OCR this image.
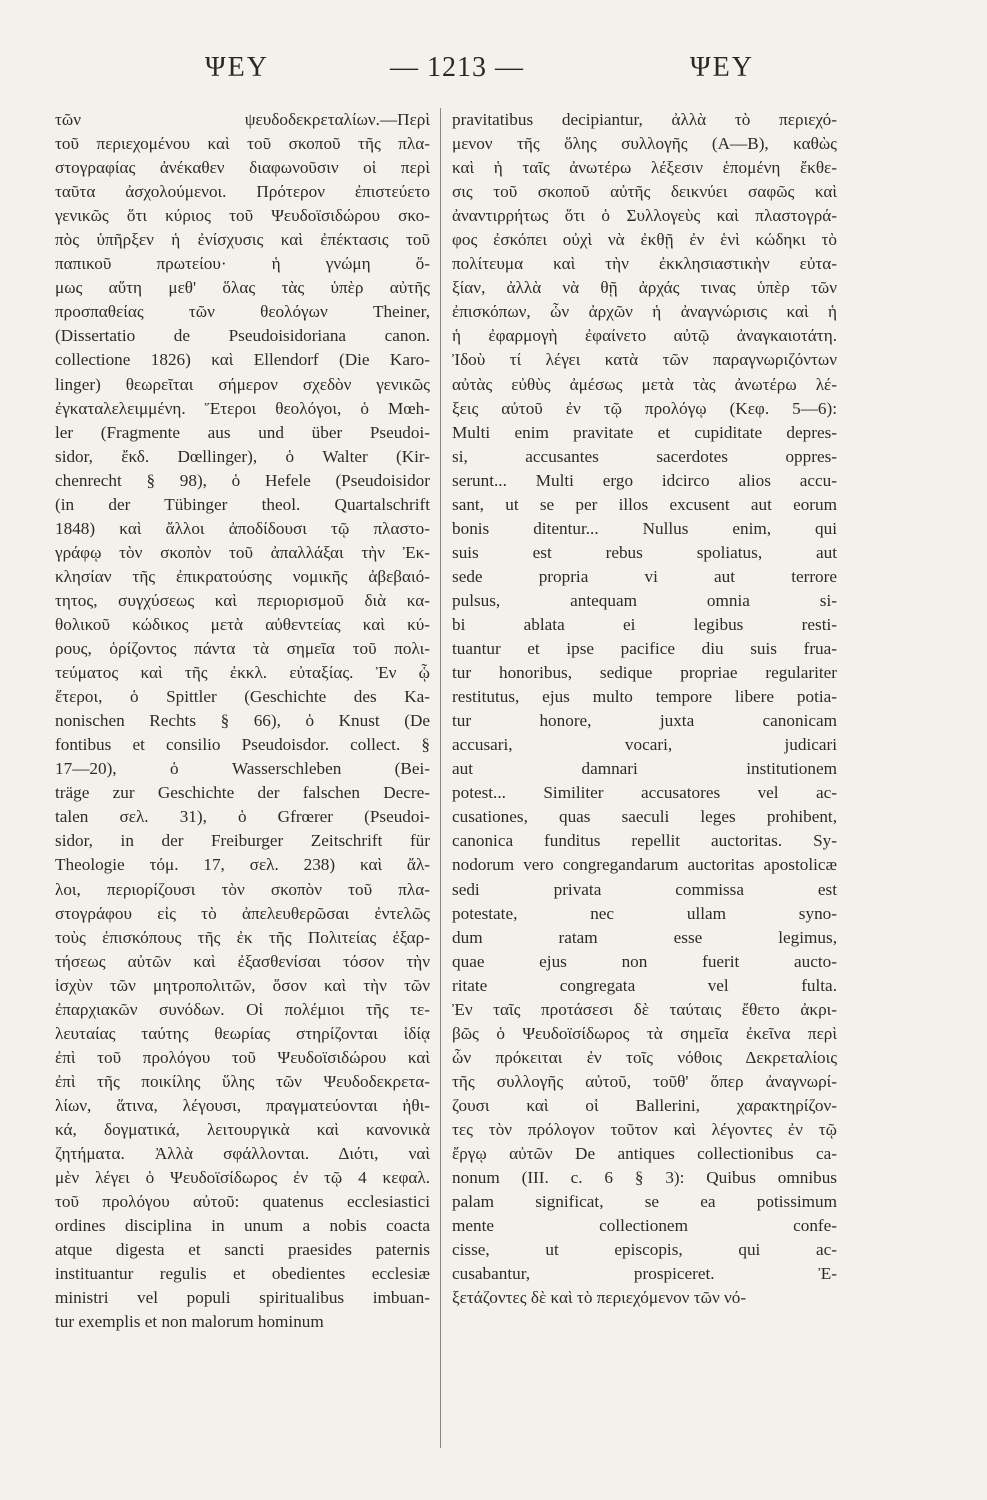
ΨΕΥ	— 1213 —	ΨΕΥ
τῶν ψευδοδεκρεταλίων.—Περὶ
τοῦ περιεχομένου καὶ τοῦ σκοποῦ τῆς πλα-
στογραφίας ἀνέκαθεν διαφωνοῦσιν οἱ περὶ
ταῦτα ἀσχολούμενοι. Πρότερον ἐπιστεύετο
γενικῶς ὅτι κύριος τοῦ Ψευδοϊσιδώρου σκο-
πὸς ὑπῆρξεν ἡ ἐνίσχυσις καὶ ἐπέκτασις τοῦ
παπικοῦ πρωτείου· ἡ γνώμη ὅ-
μως αὕτη μεθ' ὅλας τὰς ὑπὲρ αὐτῆς
προσπαθείας τῶν θεολόγων Theiner,
(Dissertatio de Pseudoisidoriana canon.
collectione 1826) καὶ Ellendorf (Die Karo-
linger) θεωρεῖται σήμερον σχεδὸν γενικῶς
ἐγκαταλελειμμένη. Ἕτεροι θεολόγοι, ὁ Mœh-
ler (Fragmente aus und über Pseudoi-
sidor, ἔκδ. Dœllinger), ὁ Walter (Kir-
chenrecht § 98), ὁ Hefele (Pseudoisidor
(in der Tübinger theol. Quartalschrift
1848) καὶ ἄλλοι ἀποδίδουσι τῷ πλαστο-
γράφῳ τὸν σκοπὸν τοῦ ἀπαλλάξαι τὴν Ἐκ-
κλησίαν τῆς ἐπικρατούσης νομικῆς ἀβεβαιό-
τητος, συγχύσεως καὶ περιορισμοῦ διὰ κα-
θολικοῦ κώδικος μετὰ αὐθεντείας καὶ κύ-
ρους, ὁρίζοντος πάντα τὰ σημεῖα τοῦ πολι-
τεύματος καὶ τῆς ἐκκλ. εὐταξίας. Ἐν ᾧ
ἕτεροι, ὁ Spittler (Geschichte des Ka-
nonischen Rechts § 66), ὁ Knust (De
fontibus et consilio Pseudoisdor. collect. §
17—20), ὁ Wasserschleben (Bei-
träge zur Geschichte der falschen Decre-
talen σελ. 31), ὁ Gfrœrer (Pseudoi-
sidor, in der Freiburger Zeitschrift für
Theologie τόμ. 17, σελ. 238) καὶ ἄλ-
λοι, περιορίζουσι τὸν σκοπὸν τοῦ πλα-
στογράφου εἰς τὸ ἀπελευθερῶσαι ἐντελῶς
τοὺς ἐπισκόπους τῆς ἐκ τῆς Πολιτείας ἐξαρ-
τήσεως αὐτῶν καὶ ἐξασθενίσαι τόσον τὴν
ἰσχὺν τῶν μητροπολιτῶν, ὅσον καὶ τὴν τῶν
ἐπαρχιακῶν συνόδων. Οἱ πολέμιοι τῆς τε-
λευταίας ταύτης θεωρίας στηρίζονται ἰδίᾳ
ἐπὶ τοῦ προλόγου τοῦ Ψευδοϊσιδώρου καὶ
ἐπὶ τῆς ποικίλης ὕλης τῶν Ψευδοδεκρετα-
λίων, ἅτινα, λέγουσι, πραγματεύονται ἠθι-
κά, δογματικά, λειτουργικὰ καὶ κανονικὰ
ζητήματα. Ἀλλὰ σφάλλονται. Διότι, ναὶ
μὲν λέγει ὁ Ψευδοϊσίδωρος ἐν τῷ 4 κεφαλ.
τοῦ προλόγου αὐτοῦ: quatenus ecclesiastici
ordines disciplina in unum a nobis coacta
atque digesta et sancti praesides paternis
instituantur regulis et obedientes ecclesiæ
ministri vel populi spiritualibus imbuan-
tur exemplis et non malorum hominum
pravitatibus decipiantur, ἀλλὰ τὸ περιεχό-
μενον τῆς ὅλης συλλογῆς (Α—Β), καθὼς
καὶ ἡ ταῖς ἀνωτέρω λέξεσιν ἑπομένη ἔκθε-
σις τοῦ σκοποῦ αὐτῆς δεικνύει σαφῶς καὶ
ἀναντιρρήτως ὅτι ὁ Συλλογεὺς καὶ πλαστογρά-
φος ἐσκόπει οὐχὶ νὰ ἐκθῇ ἐν ἑνὶ κώδηκι τὸ
πολίτευμα καὶ τὴν ἐκκλησιαστικὴν εὐτα-
ξίαν, ἀλλὰ νὰ θῇ ἀρχάς τινας ὑπὲρ τῶν
ἐπισκόπων, ὧν ἀρχῶν ἡ ἀναγνώρισις καὶ ἡ
ἡ ἐφαρμογὴ ἐφαίνετο αὐτῷ ἀναγκαιοτάτη.
Ἰδοὺ τί λέγει κατὰ τῶν παραγνωριζόντων
αὐτὰς εὐθὺς ἀμέσως μετὰ τὰς ἀνωτέρω λέ-
ξεις αὐτοῦ ἐν τῷ προλόγῳ (Κεφ. 5—6):
Multi enim pravitate et cupiditate depres-
si, accusantes sacerdotes oppres-
serunt... Multi ergo idcirco alios accu-
sant, ut se per illos excusent aut eorum
bonis ditentur... Nullus enim, qui
suis est rebus spoliatus, aut
sede propria vi aut terrore
pulsus, antequam omnia si-
bi ablata ei legibus resti-
tuantur et ipse pacifice diu suis frua-
tur honoribus, sedique propriae regulariter
restitutus, ejus multo tempore libere potia-
tur honore, juxta canonicam
accusari, vocari, judicari
aut damnari institutionem
potest... Similiter accusatores vel ac-
cusationes, quas saeculi leges prohibent,
canonica funditus repellit auctoritas. Sy-
nodorum vero congregandarum auctoritas apostolicæ
sedi privata commissa est
potestate, nec ullam syno-
dum ratam esse legimus,
quae ejus non fuerit aucto-
ritate congregata vel fulta.
Ἐν ταῖς προτάσεσι δὲ ταύταις ἔθετο ἀκρι-
βῶς ὁ Ψευδοϊσίδωρος τὰ σημεῖα ἐκεῖνα περὶ
ὧν πρόκειται ἐν τοῖς νόθοις Δεκρεταλίοις
τῆς συλλογῆς αὐτοῦ, τοῦθ' ὅπερ ἀναγνωρί-
ζουσι καὶ οἱ Ballerini, χαρακτηρίζον-
τες τὸν πρόλογον τοῦτον καὶ λέγοντες ἐν τῷ
ἔργῳ αὐτῶν De antiques collectionibus ca-
nonum (III. c. 6 § 3): Quibus omnibus
palam significat, se ea potissimum
mente collectionem confe-
cisse, ut episcopis, qui ac-
cusabantur, prospiceret. Ἐ-
ξετάζοντες δὲ καὶ τὸ περιεχόμενον τῶν νό-
